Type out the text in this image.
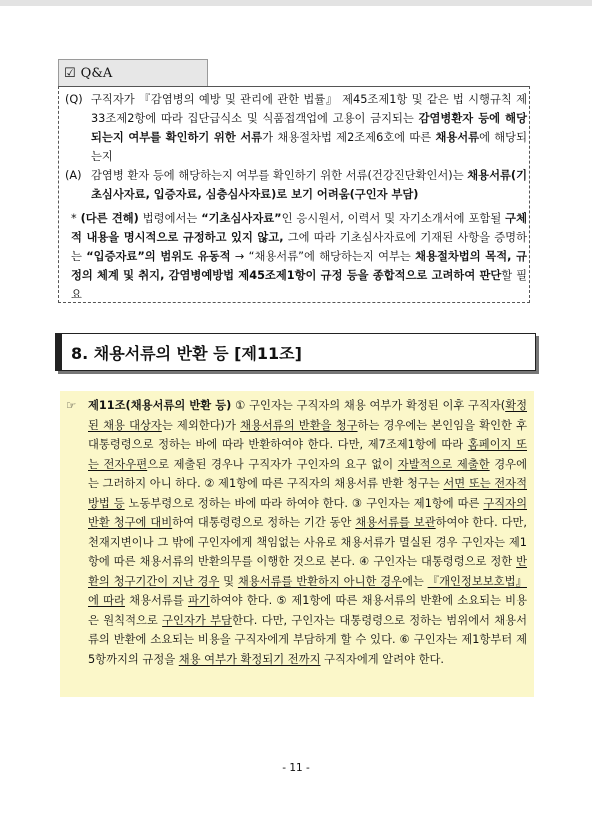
☑ Q&A
(Q) 구직자가 『감염병의 예방 및 관리에 관한 법률』 제45조제1항 및 같은 법 시행규칙 제33조제2항에 따라 집단급식소 및 식품접객업에 고용이 금지되는 감염병환자 등에 해당되는지 여부를 확인하기 위한 서류가 채용절차법 제2조제6호에 따른 채용서류에 해당되는지
(A) 감염병 환자 등에 해당하는지 여부를 확인하기 위한 서류(건강진단확인서)는 채용서류(기초심사자료, 입증자료, 심층심사자료)로 보기 어려움(구인자 부담)
* (다른 견해) 법령에서는 “기초심사자료”인 응시원서, 이력서 및 자기소개서에 포함될 구체적 내용을 명시적으로 규정하고 있지 않고, 그에 따라 기초심사자료에 기재된 사항을 증명하는 “입증자료”의 범위도 유동적 → “채용서류”에 해당하는지 여부는 채용절차법의 목적, 규정의 체계 및 취지, 감염병예방법 제45조제1항이 규정 등을 종합적으로 고려하여 판단할 필요
8. 채용서류의 반환 등 [제11조]
☞ 제11조(채용서류의 반환 등) ① 구인자는 구직자의 채용 여부가 확정된 이후 구직자(확정된 채용 대상자는 제외한다)가 채용서류의 반환을 청구하는 경우에는 본인임을 확인한 후 대통령령으로 정하는 바에 따라 반환하여야 한다. 다만, 제7조제1항에 따라 홈페이지 또는 전자우편으로 제출된 경우나 구직자가 구인자의 요구 없이 자발적으로 제출한 경우에는 그러하지 아니 하다. ② 제1항에 따른 구직자의 채용서류 반환 청구는 서면 또는 전자적 방법 등 노동부령으로 정하는 바에 따라 하여야 한다. ③ 구인자는 제1항에 따른 구직자의 반환 청구에 대비하여 대통령령으로 정하는 기간 동안 채용서류를 보관하여야 한다. 다만, 천재지변이나 그 밖에 구인자에게 책임없는 사유로 채용서류가 멸실된 경우 구인자는 제1항에 따른 채용서류의 반환의무를 이행한 것으로 본다. ④ 구인자는 대통령령으로 정한 반환의 청구기간이 지난 경우 및 채용서류를 반환하지 아니한 경우에는 『개인정보보호법』에 따라 채용서류를 파기하여야 한다. ⑤ 제1항에 따른 채용서류의 반환에 소요되는 비용은 원칙적으로 구인자가 부담한다. 다만, 구인자는 대통령령으로 정하는 범위에서 채용서류의 반환에 소요되는 비용을 구직자에게 부담하게 할 수 있다. ⑥ 구인자는 제1항부터 제5항까지의 규정을 채용 여부가 확정되기 전까지 구직자에게 알려야 한다.

- 11 -
